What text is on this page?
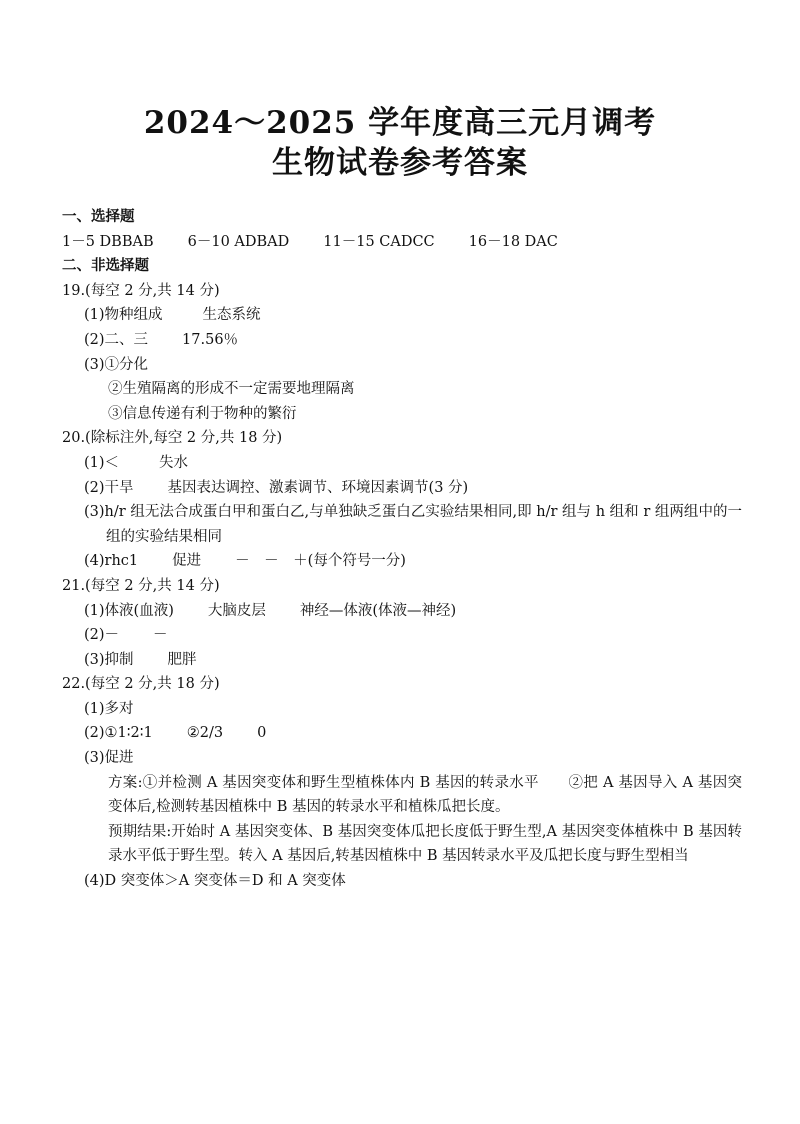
2024～2025 学年度高三元月调考
生物试卷参考答案
一、选择题
1－5 DBBAB 6－10 ADBAD 11－15 CADCC 16－18 DAC
二、非选择题
19.(每空 2 分,共 14 分)
(1)物种组成	生态系统
(2)二、三 17.56％
(3)①分化
②生殖隔离的形成不一定需要地理隔离
③信息传递有利于物种的繁衍
20.(除标注外,每空 2 分,共 18 分)
(1)＜	失水
(2)干旱 基因表达调控、激素调节、环境因素调节(3 分)
(3)h/r 组无法合成蛋白甲和蛋白乙,与单独缺乏蛋白乙实验结果相同,即 h/r 组与 h 组和 r 组两组中的一组的实验结果相同
(4)rhc1 促进 －　－　＋(每个符号一分)
21.(每空 2 分,共 14 分)
(1)体液(血液) 大脑皮层 神经—体液(体液—神经)
(2)－ －
(3)抑制 肥胖
22.(每空 2 分,共 18 分)
(1)多对
(2)①1∶2∶1 ②2/3 0
(3)促进
方案:①并检测 A 基因突变体和野生型植株体内 B 基因的转录水平　　②把 A 基因导入 A 基因突变体后,检测转基因植株中 B 基因的转录水平和植株瓜把长度。
预期结果:开始时 A 基因突变体、B 基因突变体瓜把长度低于野生型,A 基因突变体植株中 B 基因转录水平低于野生型。转入 A 基因后,转基因植株中 B 基因转录水平及瓜把长度与野生型相当
(4)D 突变体＞A 突变体＝D 和 A 突变体
